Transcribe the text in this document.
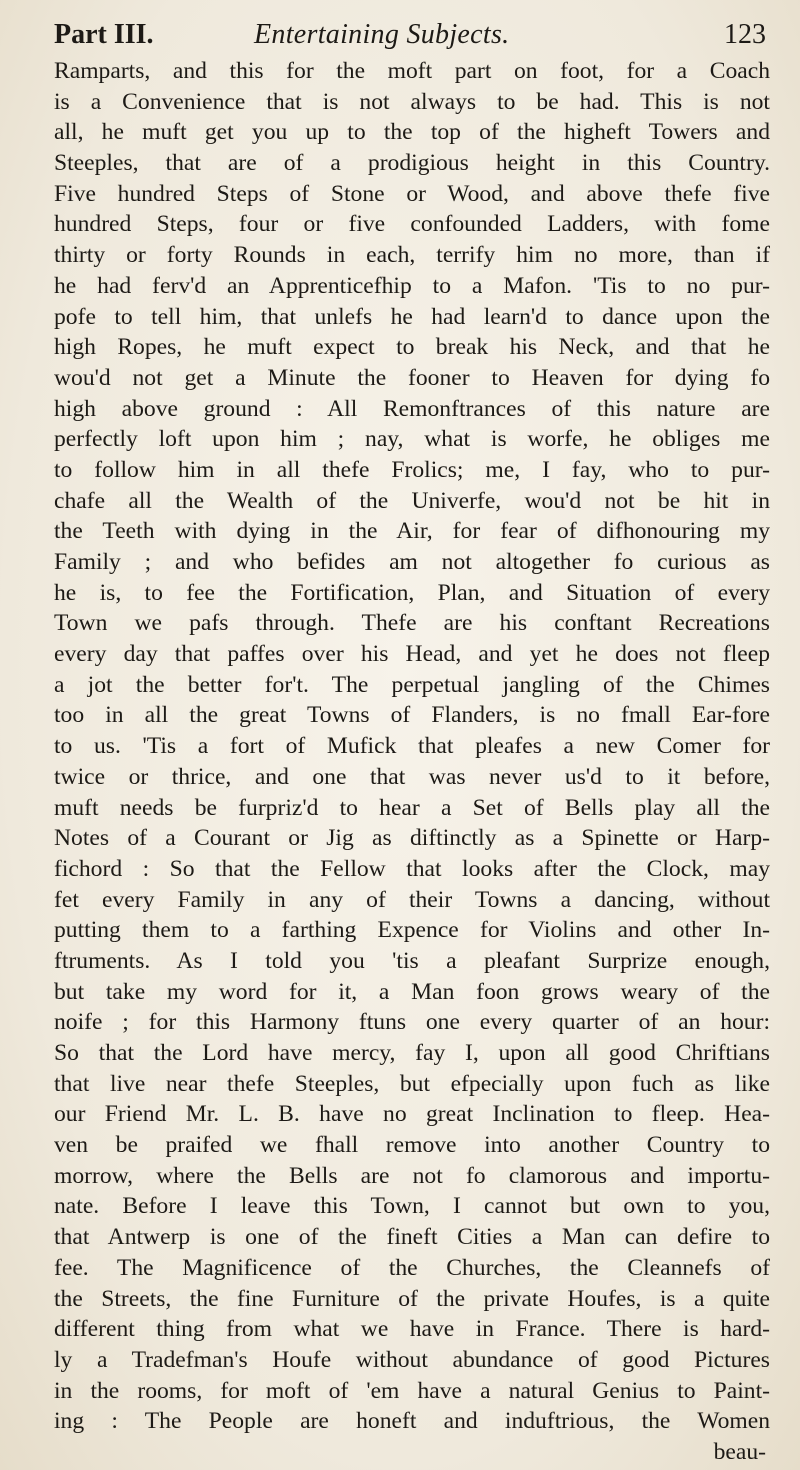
Part III.	Entertaining Subjects.	123
Ramparts, and this for the moft part on foot, for a Coach
is a Convenience that is not always to be had. This is not
all, he muft get you up to the top of the higheft Towers and
Steeples, that are of a prodigious height in this Country.
Five hundred Steps of Stone or Wood, and above thefe five
hundred Steps, four or five confounded Ladders, with fome
thirty or forty Rounds in each, terrify him no more, than if
he had ferv'd an Apprenticefhip to a Mafon. 'Tis to no pur-
pofe to tell him, that unlefs he had learn'd to dance upon the
high Ropes, he muft expect to break his Neck, and that he
wou'd not get a Minute the fooner to Heaven for dying fo
high above ground : All Remonftrances of this nature are
perfectly loft upon him ; nay, what is worfe, he obliges me
to follow him in all thefe Frolics; me, I fay, who to pur-
chafe all the Wealth of the Univerfe, wou'd not be hit in
the Teeth with dying in the Air, for fear of difhonouring my
Family ; and who befides am not altogether fo curious as
he is, to fee the Fortification, Plan, and Situation of every
Town we pafs through. Thefe are his conftant Recreations
every day that paffes over his Head, and yet he does not fleep
a jot the better for't. The perpetual jangling of the Chimes
too in all the great Towns of Flanders, is no fmall Ear-fore
to us. 'Tis a fort of Mufick that pleafes a new Comer for
twice or thrice, and one that was never us'd to it before,
muft needs be furpriz'd to hear a Set of Bells play all the
Notes of a Courant or Jig as diftinctly as a Spinette or Harp-
fichord : So that the Fellow that looks after the Clock, may
fet every Family in any of their Towns a dancing, without
putting them to a farthing Expence for Violins and other In-
ftruments. As I told you 'tis a pleafant Surprize enough,
but take my word for it, a Man foon grows weary of the
noife ; for this Harmony ftuns one every quarter of an hour:
So that the Lord have mercy, fay I, upon all good Chriftians
that live near thefe Steeples, but efpecially upon fuch as like
our Friend Mr. L. B. have no great Inclination to fleep. Hea-
ven be praifed we fhall remove into another Country to
morrow, where the Bells are not fo clamorous and importu-
nate. Before I leave this Town, I cannot but own to you,
that Antwerp is one of the fineft Cities a Man can defire to
fee. The Magnificence of the Churches, the Cleannefs of
the Streets, the fine Furniture of the private Houfes, is a quite
different thing from what we have in France. There is hard-
ly a Tradefman's Houfe without abundance of good Pictures
in the rooms, for moft of 'em have a natural Genius to Paint-
ing : The People are honeft and induftrious, the Women
beau-
